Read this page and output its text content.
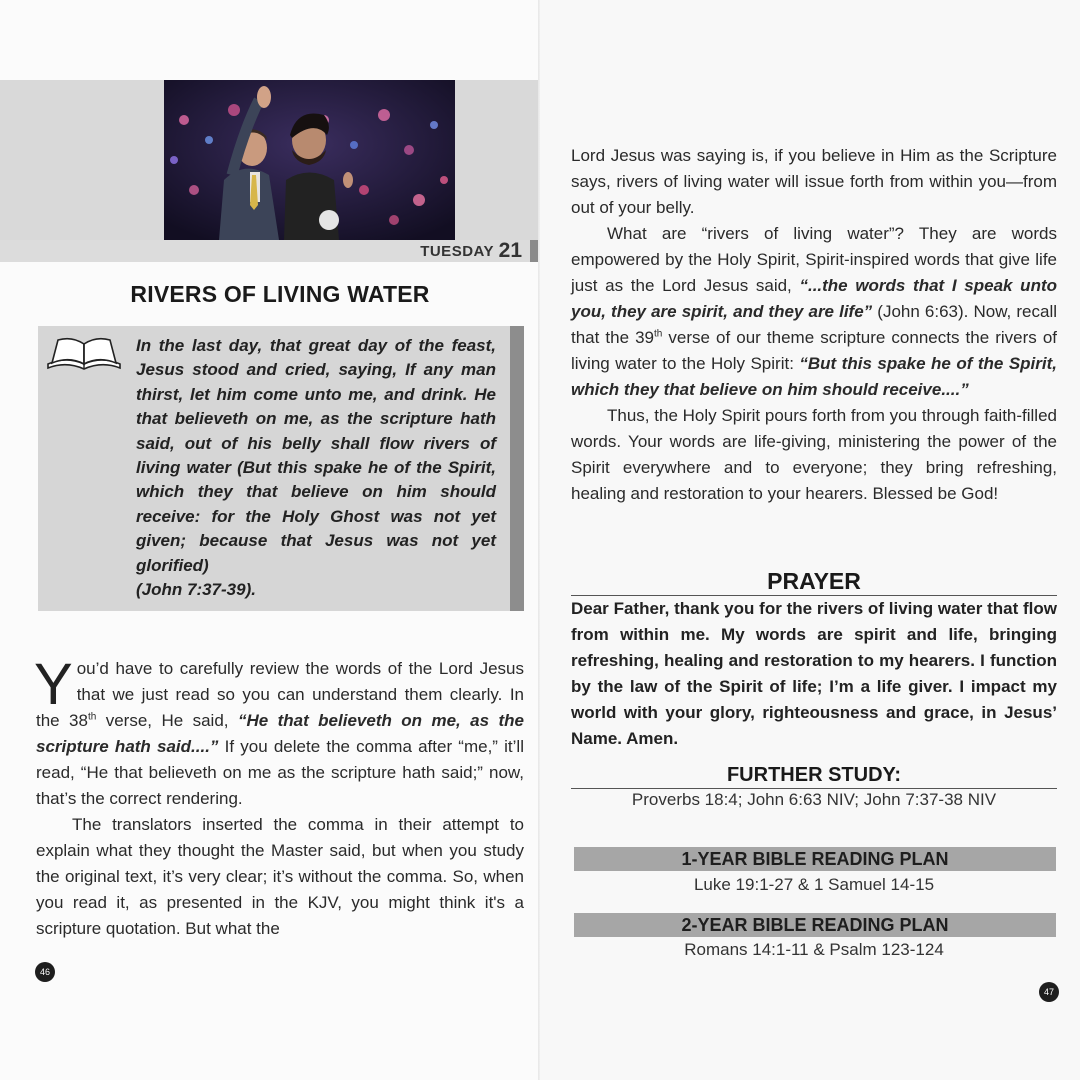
TUESDAY 21
RIVERS OF LIVING WATER
In the last day, that great day of the feast, Jesus stood and cried, saying, If any man thirst, let him come unto me, and drink. He that believeth on me, as the scripture hath said, out of his belly shall flow rivers of living water (But this spake he of the Spirit, which they that believe on him should receive: for the Holy Ghost was not yet given; because that Jesus was not yet glorified)
(John 7:37-39).

You’d have to carefully review the words of the Lord Jesus that we just read so you can understand them clearly. In the 38th verse, He said, “He that believeth on me, as the scripture hath said....” If you delete the comma after “me,” it’ll read, “He that believeth on me as the scripture hath said;” now, that’s the correct rendering.

The translators inserted the comma in their attempt to explain what they thought the Master said, but when you study the original text, it’s very clear; it’s without the comma. So, when you read it, as presented in the KJV, you might think it's a scripture quotation. But what the

46

Lord Jesus was saying is, if you believe in Him as the Scripture says, rivers of living water will issue forth from within you—from out of your belly.

What are “rivers of living water”? They are words empowered by the Holy Spirit, Spirit-inspired words that give life just as the Lord Jesus said, “...the words that I speak unto you, they are spirit, and they are life” (John 6:63). Now, recall that the 39th verse of our theme scripture connects the rivers of living water to the Holy Spirit: “But this spake he of the Spirit, which they that believe on him should receive....”

Thus, the Holy Spirit pours forth from you through faith-filled words. Your words are life-giving, ministering the power of the Spirit everywhere and to everyone; they bring refreshing, healing and restoration to your hearers. Blessed be God!

PRAYER
Dear Father, thank you for the rivers of living water that flow from within me. My words are spirit and life, bringing refreshing, healing and restoration to my hearers. I function by the law of the Spirit of life; I’m a life giver. I impact my world with your glory, righteousness and grace, in Jesus’ Name. Amen.
FURTHER STUDY:
Proverbs 18:4; John 6:63 NIV; John 7:37-38 NIV
1-YEAR BIBLE READING PLAN
Luke 19:1-27 & 1 Samuel 14-15
2-YEAR BIBLE READING PLAN
Romans 14:1-11 & Psalm 123-124
47
